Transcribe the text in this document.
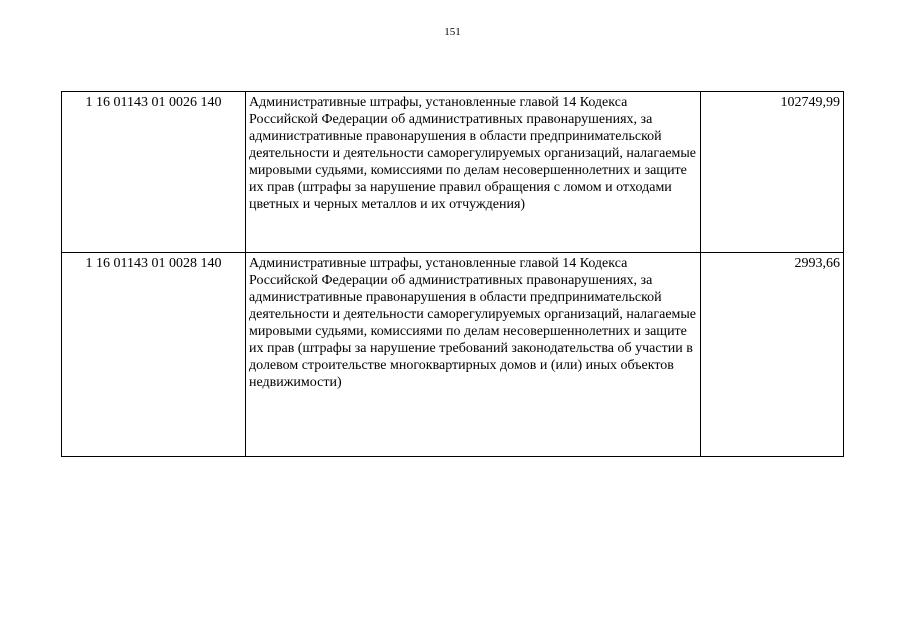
151
1 16 01143 01 0026 140	Административные штрафы, установленные главой 14 Кодекса Российской Федерации об административных правонарушениях, за административные правонарушения в области предпринимательской деятельности и деятельности саморегулируемых организаций, налагаемые мировыми судьями, комиссиями по делам несовершеннолетних и защите их прав (штрафы за нарушение правил обращения с ломом и отходами цветных и черных металлов и их отчуждения)	102749,99
1 16 01143 01 0028 140	Административные штрафы, установленные главой 14 Кодекса Российской Федерации об административных правонарушениях, за административные правонарушения в области предпринимательской деятельности и деятельности саморегулируемых организаций, налагаемые мировыми судьями, комиссиями по делам несовершеннолетних и защите их прав (штрафы за нарушение требований законодательства об участии в долевом строительстве многоквартирных домов и (или) иных объектов недвижимости)	2993,66
